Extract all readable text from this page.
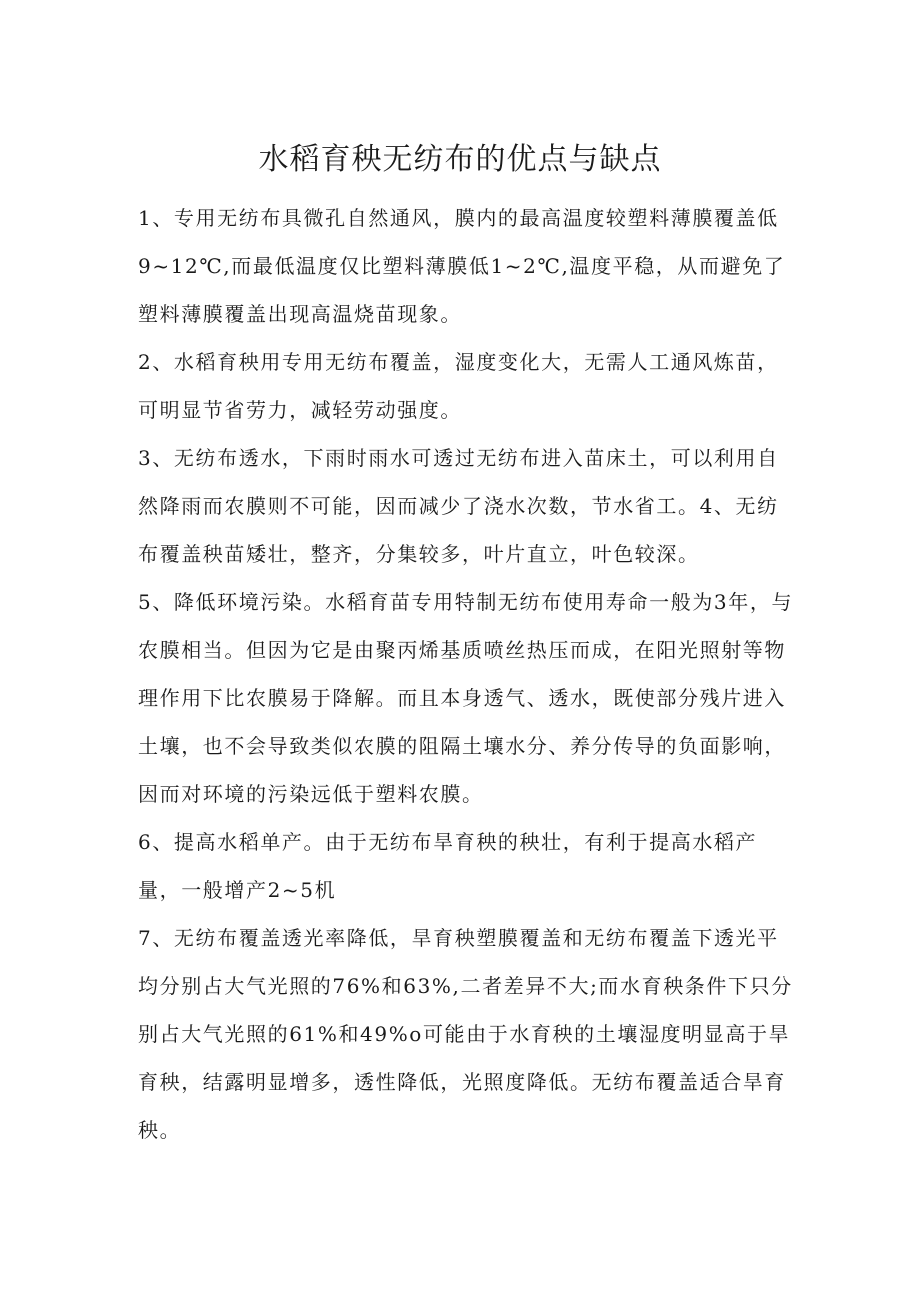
水稻育秧无纺布的优点与缺点

1、专用无纺布具微孔自然通风，膜内的最高温度较塑料薄膜覆盖低9~12℃,而最低温度仅比塑料薄膜低1~2℃,温度平稳，从而避免了塑料薄膜覆盖出现高温烧苗现象。

2、水稻育秧用专用无纺布覆盖，湿度变化大，无需人工通风炼苗，可明显节省劳力，减轻劳动强度。

3、无纺布透水，下雨时雨水可透过无纺布进入苗床土，可以利用自然降雨而农膜则不可能，因而减少了浇水次数，节水省工。4、无纺布覆盖秧苗矮壮，整齐，分集较多，叶片直立，叶色较深。

5、降低环境污染。水稻育苗专用特制无纺布使用寿命一般为3年，与农膜相当。但因为它是由聚丙烯基质喷丝热压而成，在阳光照射等物理作用下比农膜易于降解。而且本身透气、透水，既使部分残片进入土壤，也不会导致类似农膜的阻隔土壤水分、养分传导的负面影响，因而对环境的污染远低于塑料农膜。

6、提高水稻单产。由于无纺布旱育秧的秧壮，有利于提高水稻产量，一般增产2~5机

7、无纺布覆盖透光率降低，旱育秧塑膜覆盖和无纺布覆盖下透光平均分别占大气光照的76%和63%,二者差异不大;而水育秧条件下只分别占大气光照的61%和49%o可能由于水育秧的土壤湿度明显高于旱育秧，结露明显增多，透性降低，光照度降低。无纺布覆盖适合旱育秧。
